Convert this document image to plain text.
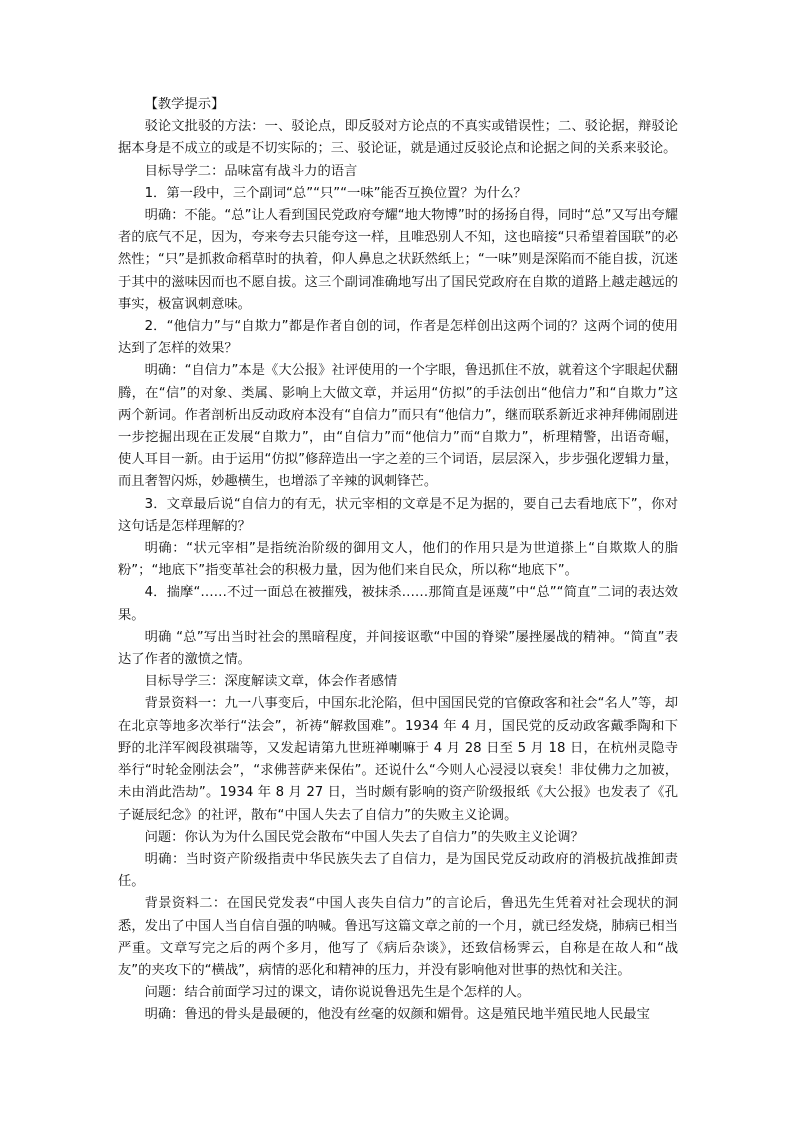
【教学提示】

驳论文批驳的方法：一、驳论点，即反驳对方论点的不真实或错误性；二、驳论据，辩驳论据本身是不成立的或是不切实际的；三、驳论证，就是通过反驳论点和论据之间的关系来驳论。

目标导学二：品味富有战斗力的语言

1．第一段中，三个副词“总”“只”“一味”能否互换位置？为什么？

明确：不能。“总”让人看到国民党政府夸耀“地大物博”时的扬扬自得，同时“总”又写出夸耀者的底气不足，因为，夸来夸去只能夸这一样，且唯恐别人不知，这也暗接“只希望着国联”的必然性；“只”是抓救命稻草时的执着，仰人鼻息之状跃然纸上；“一味”则是深陷而不能自拔，沉迷于其中的滋味因而也不愿自拔。这三个副词准确地写出了国民党政府在自欺的道路上越走越远的事实，极富讽刺意味。

2．“他信力”与“自欺力”都是作者自创的词，作者是怎样创出这两个词的？这两个词的使用达到了怎样的效果？

明确：“自信力”本是《大公报》社评使用的一个字眼，鲁迅抓住不放，就着这个字眼起伏翻腾，在“信”的对象、类属、影响上大做文章，并运用“仿拟”的手法创出“他信力”和“自欺力”这两个新词。作者剖析出反动政府本没有“自信力”而只有“他信力”，继而联系新近求神拜佛闹剧进一步挖掘出现在正发展“自欺力”，由“自信力”而“他信力”而“自欺力”，析理精警，出语奇崛，使人耳目一新。由于运用“仿拟”修辞造出一字之差的三个词语，层层深入，步步强化逻辑力量，而且奢智闪烁，妙趣横生，也增添了辛辣的讽刺锋芒。

3．文章最后说“自信力的有无，状元宰相的文章是不足为据的，要自己去看地底下”，你对这句话是怎样理解的？

明确：“状元宰相”是指统治阶级的御用文人，他们的作用只是为世道搽上“自欺欺人的脂粉”；“地底下”指变革社会的积极力量，因为他们来自民众，所以称“地底下”。

4．揣摩“……不过一面总在被摧残，被抹杀……那简直是诬蔑”中“总”“简直”二词的表达效果。

明确 “总”写出当时社会的黑暗程度，并间接讴歌“中国的脊梁”屡挫屡战的精神。“简直”表达了作者的激愤之情。

目标导学三：深度解读文章，体会作者感情

背景资料一：九一八事变后，中国东北沦陷，但中国国民党的官僚政客和社会“名人”等，却在北京等地多次举行“法会”，祈祷“解救国难”。1934 年 4 月，国民党的反动政客戴季陶和下野的北洋军阀段祺瑞等，又发起请第九世班禅喇嘛于 4 月 28 日至 5 月 18 日，在杭州灵隐寺举行“时轮金刚法会”，“求佛菩萨来保佑”。还说什么“今则人心浸浸以衰矣！非仗佛力之加被，未由消此浩劫”。1934 年 8 月 27 日，当时颇有影响的资产阶级报纸《大公报》也发表了《孔子诞辰纪念》的社评，散布“中国人失去了自信力”的失败主义论调。

问题：你认为为什么国民党会散布“中国人失去了自信力”的失败主义论调？

明确：当时资产阶级指责中华民族失去了自信力，是为国民党反动政府的消极抗战推卸责任。

背景资料二：在国民党发表“中国人丧失自信力”的言论后，鲁迅先生凭着对社会现状的洞悉，发出了中国人当自信自强的呐喊。鲁迅写这篇文章之前的一个月，就已经发烧，肺病已相当严重。文章写完之后的两个多月，他写了《病后杂谈》，还致信杨霁云，自称是在故人和“战友”的夹攻下的“横战”，病情的恶化和精神的压力，并没有影响他对世事的热忱和关注。

问题：结合前面学习过的课文，请你说说鲁迅先生是个怎样的人。

明确：鲁迅的骨头是最硬的，他没有丝毫的奴颜和媚骨。这是殖民地半殖民地人民最宝
